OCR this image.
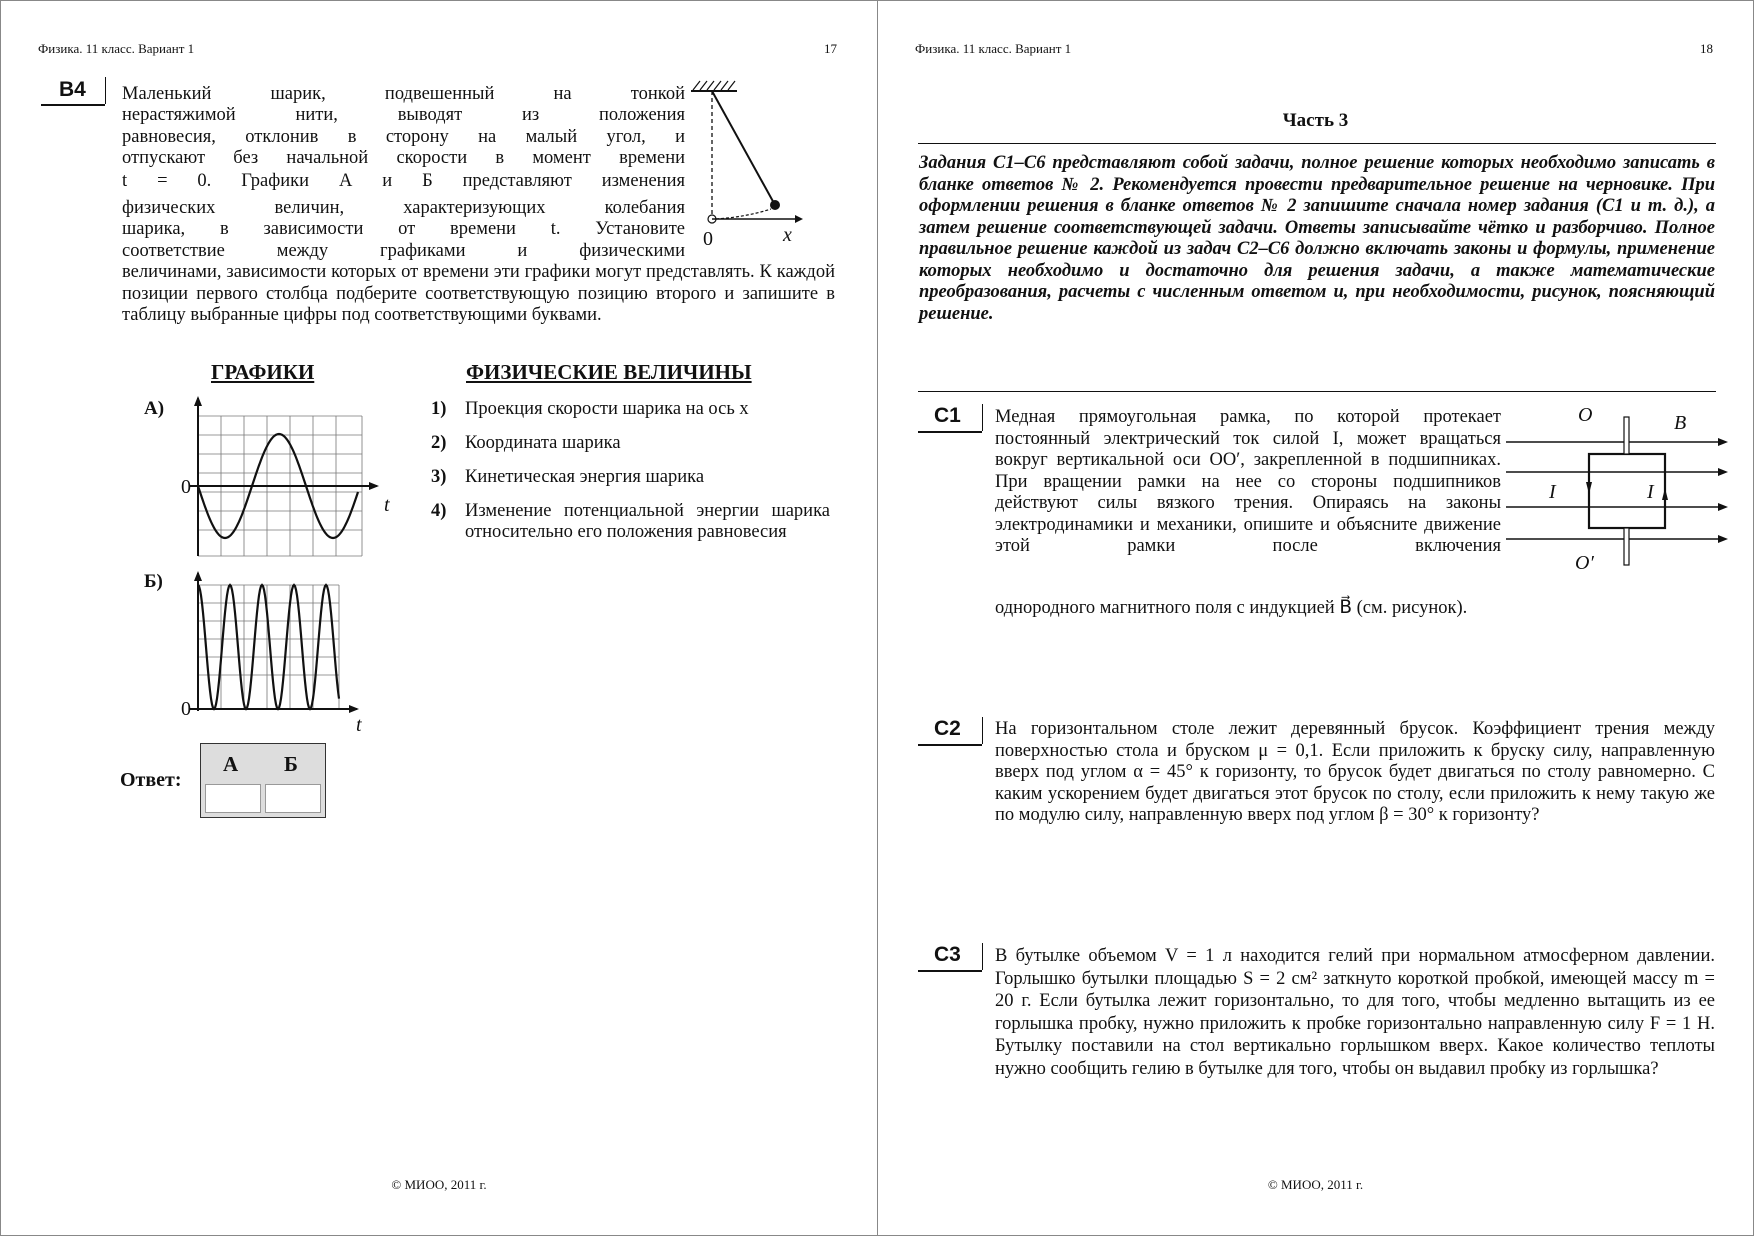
Физика. 11 класс. Вариант 1	17
B4 Маленький шарик, подвешенный на тонкой
нерастяжимой нити, выводят из положения
равновесия, отклонив в сторону на малый угол, и
отпускают без начальной скорости в момент времени
t = 0. Графики А и Б представляют изменения
физических величин, характеризующих колебания
шарика, в зависимости от времени t. Установите
соответствие между графиками и физическими
величинами, зависимости которых от времени эти графики могут представлять. К каждой позиции первого столбца подберите соответствующую позицию второго и запишите в таблицу выбранные цифры под соответствующими буквами.
0	x
ГРАФИКИ	ФИЗИЧЕСКИЕ ВЕЛИЧИНЫ
А)
0
t
Б)
0
t
1) Проекция скорости шарика на ось x
2) Координата шарика
3) Кинетическая энергия шарика
4) Изменение потенциальной энергии шарика относительно его положения равновесия
Ответ:
А Б
© МИОО, 2011 г.
Физика. 11 класс. Вариант 1	18
Часть 3
Задания С1–С6 представляют собой задачи, полное решение которых необходимо записать в бланке ответов № 2. Рекомендуется провести предварительное решение на черновике. При оформлении решения в бланке ответов № 2 запишите сначала номер задания (С1 и т. д.), а затем решение соответствующей задачи. Ответы записывайте чётко и разборчиво. Полное правильное решение каждой из задач С2–С6 должно включать законы и формулы, применение которых необходимо и достаточно для решения задачи, а также математические преобразования, расчеты с численным ответом и, при необходимости, рисунок, поясняющий решение.
C1 Медная прямоугольная рамка, по которой протекает постоянный электрический ток силой I, может вращаться вокруг вертикальной оси OO′, закрепленной в подшипниках. При вращении рамки на нее со стороны подшипников действуют силы вязкого трения. Опираясь на законы электродинамики и механики, опишите и объясните движение этой рамки после включения
однородного магнитного поля с индукцией B⃗ (см. рисунок).
O
O′
B⃗
I	I
C2 На горизонтальном столе лежит деревянный брусок. Коэффициент трения между поверхностью стола и бруском μ = 0,1. Если приложить к бруску силу, направленную вверх под углом α = 45° к горизонту, то брусок будет двигаться по столу равномерно. С каким ускорением будет двигаться этот брусок по столу, если приложить к нему такую же по модулю силу, направленную вверх под углом β = 30° к горизонту?
C3 В бутылке объемом V = 1 л находится гелий при нормальном атмосферном давлении. Горлышко бутылки площадью S = 2 см² заткнуто короткой пробкой, имеющей массу m = 20 г. Если бутылка лежит горизонтально, то для того, чтобы медленно вытащить из ее горлышка пробку, нужно приложить к пробке горизонтально направленную силу F = 1 Н. Бутылку поставили на стол вертикально горлышком вверх. Какое количество теплоты нужно сообщить гелию в бутылке для того, чтобы он выдавил пробку из горлышка?
© МИОО, 2011 г.
